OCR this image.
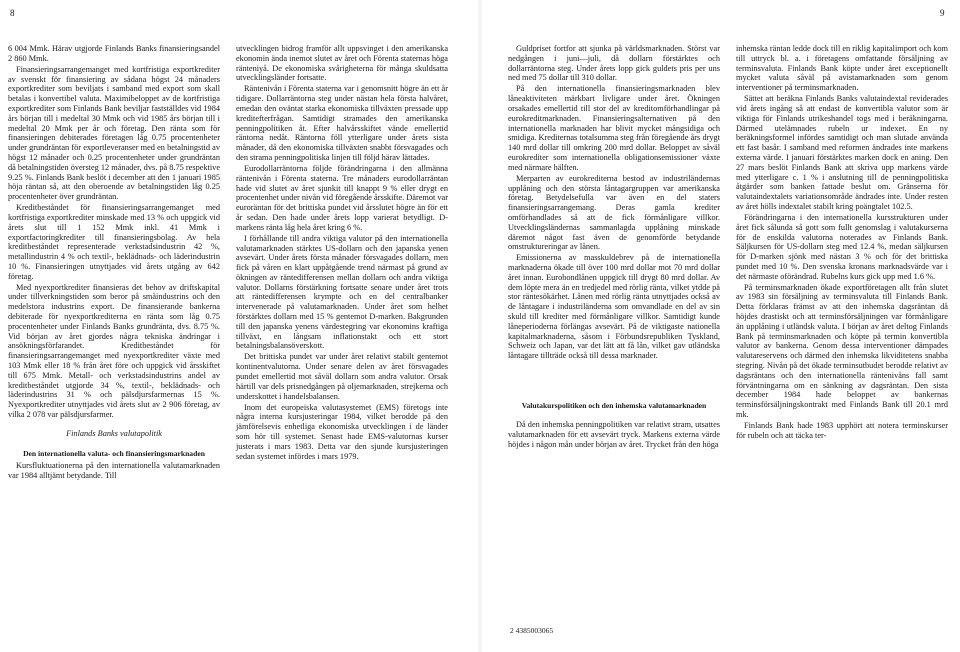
8

6 004 Mmk. Härav utgjorde Finlands Banks finansieringsandel 2 860 Mmk.

Finansieringsarrangemanget med kortfristiga exportkrediter av svenskt för finansiering av sådana högst 24 månaders exportkrediter som beviljats i samband med export som skall betalas i konvertibel valuta. Maximibeloppet av de kortfristiga exportkrediter som Finlands Bank beviljar fastställdes vid 1984 års början till i medeltal 30 Mmk och vid 1985 års början till i medeltal 20 Mmk per år och företag. Den ränta som för finansieringen debiterades företagen låg 0.75 procentenheter under grundräntan för exportleveranser med en betalningstid av högst 12 månader och 0.25 procentenheter under grundräntan då betalningstiden översteg 12 månader, dvs. på 8.75 respektive 9.25 %. Finlands Bank beslöt i december att den 1 januari 1985 höja räntan så, att den oberoende av betalningstiden låg 0.25 procentenheter över grundräntan.

Kreditbeståndet för finansieringsarrangemanget med kortfristiga exportkrediter minskade med 13 % och uppgick vid årets slut till 1 152 Mmk inkl. 41 Mmk i exportfactoringkrediter till finansieringsbolag. Av hela kreditbeståndet representerade verkstadsindustrin 42 %, metallindustrin 4 % och textil-, beklädnads- och läderindustrin 10 %. Finansieringen utnyttjades vid årets utgång av 642 företag.

Med nyexportkrediter finansieras det behov av driftskapital under tillverkningstiden som beror på småindustrins och den medelstora industrins export. De finansierande bankerna debiterade för nyexportkrediterna en ränta som låg 0.75 procentenheter under Finlands Banks grundränta, dvs. 8.75 %. Vid början av året gjordes några tekniska ändringar i ansökningsförfarandet. Kreditbeståndet för finansieringsarrangemanget med nyexportkrediter växte med 103 Mmk eller 18 % från året före och uppgick vid årsskiftet till 675 Mmk. Metall- och verkstadsindustrins andel av kreditbeståndet utgjorde 34 %, textil-, beklädnads- och läderindustrins 31 % och pälsdjursfarmernas 15 %. Nyexportkrediter utnyttjades vid årets slut av 2 906 företag, av vilka 2 078 var pälsdjursfarmer.

Finlands Banks valutapolitik
Den internationella valuta- och finansieringsmarknaden

Kursfluktuationerna på den internationella valutamarknaden var 1984 alltjämt betydande. Till

utvecklingen bidrog framför allt uppsvinget i den amerikanska ekonomin ända inemot slutet av året och Förenta staternas höga ränteniyå. De ekonomiska svårigheterna för många skuldsatta utvecklingsländer fortsatte.

Räntenivån i Förenta staterna var i genomsnitt högre än ett år tidigare. Dollarräntorna steg under nästan hela första halvåret, emedan den oväntat starka ekonomiska tillväxten pressade upp kreditefterfrågan. Samtidigt stramades den amerikanska penningpolitiken åt. Efter halvårsskiftet vände emellertid räntorna nedåt. Räntorna föll ytterligare under årets sista månader, då den ekonomiska tillväxten snabbt försvagades och den strama penningpolitiska linjen till följd härav lättades.

Eurodollarräntorna följde förändringarna i den allmänna räntenivån i Förenta staterna. Tre månaders eurodollarräntan hade vid slutet av året sjunkit till knappt 9 % eller drygt en procentenhet under nivån vid föregående årsskifte. Däremot var euroräntan för det brittiska pundet vid årsslutet högre än för ett år sedan. Den hade under årets lopp varierat betydligt. D-markens ränta låg hela året kring 6 %.

I förhållande till andra viktiga valutor på den internationella valutamarknaden stärktes US-dollarn och den japanska yenen avsevärt. Under årets första månader försvagades dollarn, men fick på våren en klart uppåtgående trend närmast på grund av ökningen av räntedifferensen mellan dollarn och andra viktiga valutor. Dollarns förstärkning fortsatte senare under året trots att räntedifferensen krympte och en del centralbanker intervenerade på valutamarknaden. Under året som helhet förstärktes dollarn med 15 % gentemot D-marken. Bakgrunden till den japanska yenens värdestegring var ekonomins kraftiga tillväxt, en långsam inflationstakt och ett stort betalningsbalansöverskott.

Det brittiska pundet var under året relativt stabilt gentemot kontinentvalutorna. Under senare delen av året försvagades pundet emellertid mot såväl dollarn som andra valutor. Orsak härtill var dels prisnedgången på oljemarknaden, strejkerna och underskottet i handelsbalansen.

Inom det europeiska valutasystemet (EMS) företogs inte några interna kursjusteringar 1984, vilket berodde på den jämförelsevis enhetliga ekonomiska utvecklingen i de länder som hör till systemet. Senast hade EMS-valutornas kurser justerats i mars 1983. Detta var den sjunde kursjusteringen sedan systemet infördes i mars 1979.

9

Guldpriset fortfor att sjunka på världsmarknaden. Störst var nedgången i juni—juli, då dollarn förstärktes och dollarräntorna steg. Under årets lopp gick guldets pris per uns ned med 75 dollar till 310 dollar.

På den internationella finansieringsmarknaden blev låneaktiviteten märkbart livligare under året. Ökningen orsakades emellertid till stor del av kreditomförhandlingar på eurokreditmarknaden. Finansieringsalternativen på den internationella marknaden har blivit mycket mångsidiga och smidiga. Krediternas totalsumma steg från föregående års drygt 140 mrd dollar till omkring 200 mrd dollar. Beloppet av såväl eurokrediter som internationella obligationsemissioner växte med närmare hälften.

Merparten av eurokrediterna bestod av industriländernas upplåning och den största låntagargruppen var amerikanska företag. Betydelsefulla var även en del staters finansieringsarrangemang. Deras gamla krediter omförhandlades så att de fick förmånligare villkor. Utvecklingsländernas sammanlagda upplåning minskade däremot något fast även de genomförde betydande omstruktureringar av lånen.

Emissionerna av masskuldebrev på de internationella marknaderna ökade till över 100 mrd dollar mot 70 mrd dollar året innan. Eurobondlånen uppgick till drygt 80 mrd dollar. Av dem löpte mera än en tredjedel med rörlig ränta, vilket ytdde på stor räntesökärhet. Lånen med rörlig ränta utnyttjades också av de låntagare i industriländerna som omvandlade en del av sin skuld till krediter med förmånligare villkor. Samtidigt kunde låneperioderna förlängas avsevärt. På de viktigaste nationella kapitalmarknaderna, såsom i Förbundsrepubliken Tyskland, Schweiz och Japan, var det lätt att få lån, vilket gav utländska låntagare tillträde också till dessa marknader.

Valutakurspolitiken och den inhemska valutamarknaden

Då den inhemska penningpolitiken var relativt stram, utsattes valutamarknaden för ett avsevärt tryck. Markens externa värde höjdes i någon mån under början av året. Trycket från den höga

inhemska räntan ledde dock till en riklig kapitalimport och kom till uttryck bl. a. i företagens omfattande försäljning av terminsvaluta. Finlands Bank köpte under året exceptionellt mycket valuta såväl på avistamarknaden som genom interventioner på terminsmarknaden.

Sättet att beräkna Finlands Banks valutaindextal reviderades vid årets ingång så att endast de konvertibla valutor som är viktiga för Finlands utrikeshandel togs med i beräkningarna. Därmed utelämnades rubeln ur indexet. En ny beräkningsformel infördes samtidigt och man slutade använda ett fast basår. I samband med reformen ändrades inte markens externa värde. I januari förstärktes marken dock en aning. Den 27 mars beslöt Finlands Bank att skriva upp markens värde med ytterligare c. 1 % i anslutning till de penningpolitiska åtgärder som banken fattade beslut om. Gränserna för valutaindextalets variationsområde ändrades inte. Under resten av året hölls indextalet stabilt kring poängtalet 102.5.

Förändringarna i den internationella kursstrukturen under året fick sålunda så gott som fullt genomslag i valutakurserna för de enskilda valutorna noterades av Finlands Bank. Säljkursen för US-dollarn steg med 12.4 %, medan säljkursen för D-marken sjönk med nästan 3 % och för det brittiska pundet med 10 %. Den svenska kronans marknadsvärde var i det närmaste oförändrad. Rubelns kurs gick upp med 1.6 %.

På terminsmarknaden ökade exportföretagen allt från slutet av 1983 sin försäljning av terminsvaluta till Finlands Bank. Detta förklaras främst av att den inhemska dagsräntan då höjdes drastiskt och att terminsförsäljningen var förmånligare än upplåning i utländsk valuta. I början av året deltog Finlands Bank på terminsmarknaden och köpte på termin konvertibla valutor av bankerna. Genom dessa interventioner dämpades valutareservens och därmed den inhemska likviditetens snabba stegring. Nivån på det ökade terminsutbudet berodde relativt av dagsräntans och den internationella räntenivåns fall samt förväntningarna om en sänkning av dagsräntan. Den sista december 1984 hade beloppet av bankernas terminsförsäljningskontrakt med Finlands Bank till 20.1 mrd mk.

Finlands Bank hade 1983 upphört att notera terminskurser för rubeln och att täcka ter-

2 4385003065
